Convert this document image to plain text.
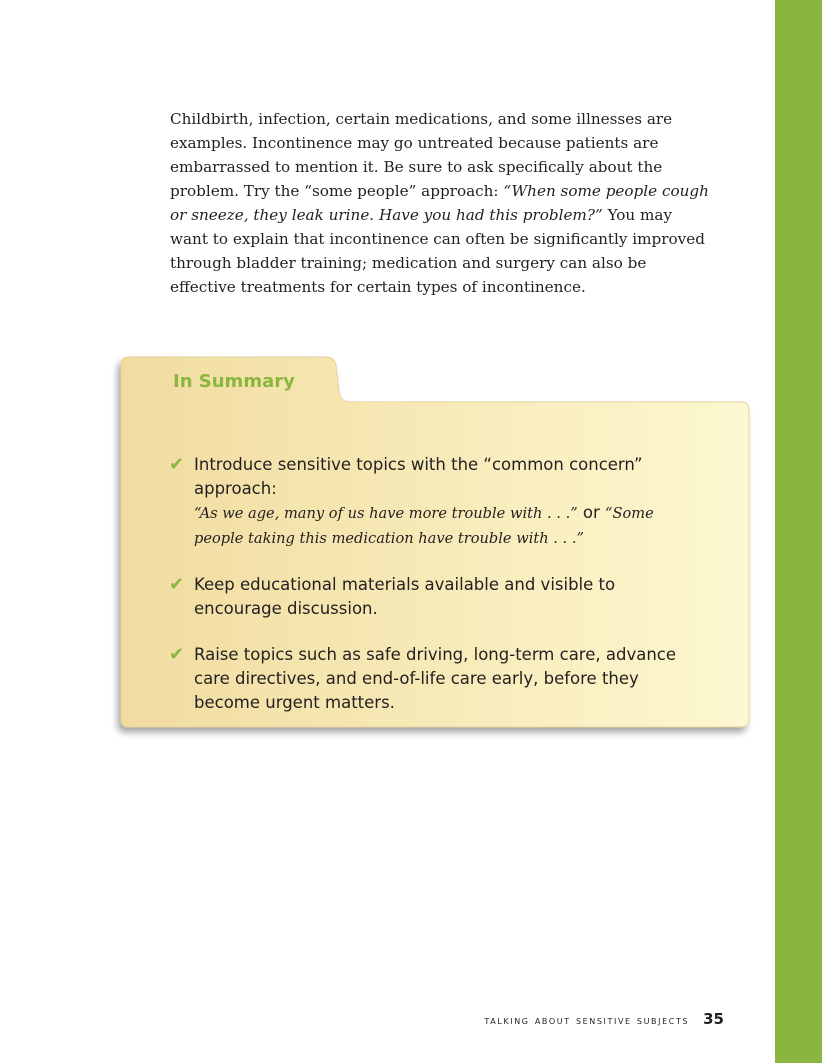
Childbirth, infection, certain medications, and some illnesses are examples. Incontinence may go untreated because patients are embarrassed to mention it. Be sure to ask specifically about the problem. Try the “some people” approach: “When some people cough or sneeze, they leak urine. Have you had this problem?” You may want to explain that incontinence can often be significantly improved through bladder training; medication and surgery can also be effective treatments for certain types of incontinence.

In Summary
✔ Introduce sensitive topics with the “common concern” approach:
“As we age, many of us have more trouble with . . .” or “Some people taking this medication have trouble with . . .”
✔ Keep educational materials available and visible to encourage discussion.
✔ Raise topics such as safe driving, long-term care, advance care directives, and end-of-life care early, before they become urgent matters.
talking about sensitive subjects 35
